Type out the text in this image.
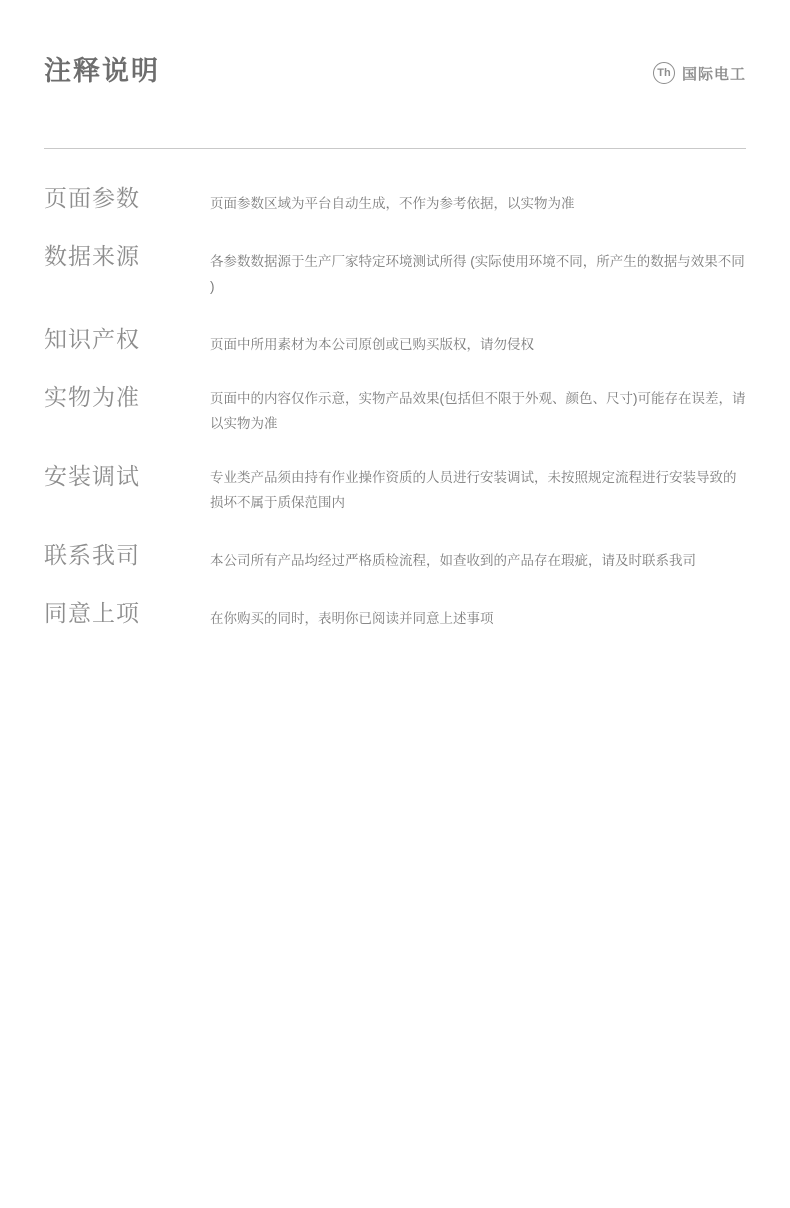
注释说明	Th 国际电工
页面参数	页面参数区域为平台自动生成，不作为参考依据，以实物为准
数据来源	各参数数据源于生产厂家特定环境测试所得 (实际使用环境不同，所产生的数据与效果不同 )
知识产权	页面中所用素材为本公司原创或已购买版权，请勿侵权
实物为准	页面中的内容仅作示意，实物产品效果(包括但不限于外观、颜色、尺寸)可能存在误差，请以实物为准
安装调试	专业类产品须由持有作业操作资质的人员进行安装调试，未按照规定流程进行安装导致的损坏不属于质保范围内
联系我司	本公司所有产品均经过严格质检流程，如查收到的产品存在瑕疵，请及时联系我司
同意上项	在你购买的同时，表明你已阅读并同意上述事项
